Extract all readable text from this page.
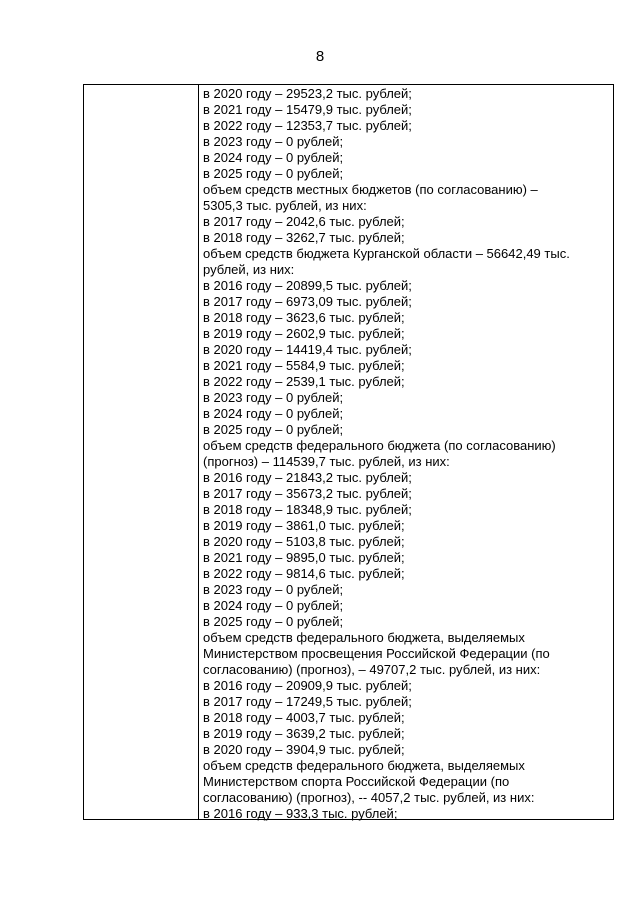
8
в 2020 году – 29523,2 тыс. рублей;
в 2021 году – 15479,9 тыс. рублей;
в 2022 году – 12353,7 тыс. рублей;
в 2023 году – 0 рублей;
в 2024 году – 0 рублей;
в 2025 году – 0 рублей;
объем средств местных бюджетов (по согласованию) –
5305,3 тыс. рублей, из них:
в 2017 году – 2042,6 тыс. рублей;
в 2018 году – 3262,7 тыс. рублей;
объем средств бюджета Курганской области – 56642,49 тыс.
рублей, из них:
в 2016 году – 20899,5 тыс. рублей;
в 2017 году – 6973,09 тыс. рублей;
в 2018 году – 3623,6 тыс. рублей;
в 2019 году – 2602,9 тыс. рублей;
в 2020 году – 14419,4 тыс. рублей;
в 2021 году – 5584,9 тыс. рублей;
в 2022 году – 2539,1 тыс. рублей;
в 2023 году – 0 рублей;
в 2024 году – 0 рублей;
в 2025 году – 0 рублей;
объем средств федерального бюджета (по согласованию)
(прогноз) – 114539,7 тыс. рублей, из них:
в 2016 году – 21843,2 тыс. рублей;
в 2017 году – 35673,2 тыс. рублей;
в 2018 году – 18348,9 тыс. рублей;
в 2019 году – 3861,0 тыс. рублей;
в 2020 году – 5103,8 тыс. рублей;
в 2021 году – 9895,0 тыс. рублей;
в 2022 году – 9814,6 тыс. рублей;
в 2023 году – 0 рублей;
в 2024 году – 0 рублей;
в 2025 году – 0 рублей;
объем средств федерального бюджета, выделяемых
Министерством просвещения Российской Федерации (по
согласованию) (прогноз), – 49707,2 тыс. рублей, из них:
в 2016 году – 20909,9 тыс. рублей;
в 2017 году – 17249,5 тыс. рублей;
в 2018 году – 4003,7 тыс. рублей;
в 2019 году – 3639,2 тыс. рублей;
в 2020 году – 3904,9 тыс. рублей;
объем средств федерального бюджета, выделяемых
Министерством спорта Российской Федерации (по
согласованию) (прогноз), -- 4057,2 тыс. рублей, из них:
в 2016 году – 933,3 тыс. рублей;
